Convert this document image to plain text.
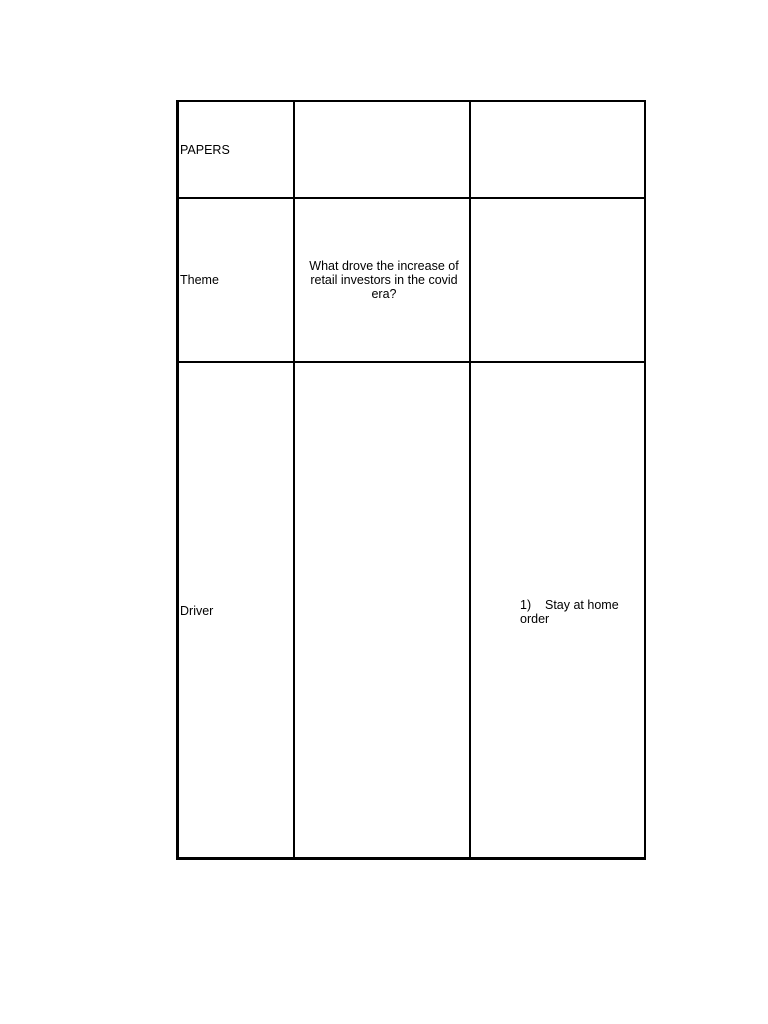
PAPERS

Theme

What drove the increase of retail investors in the covid era?

Driver	1) Stay at home order
